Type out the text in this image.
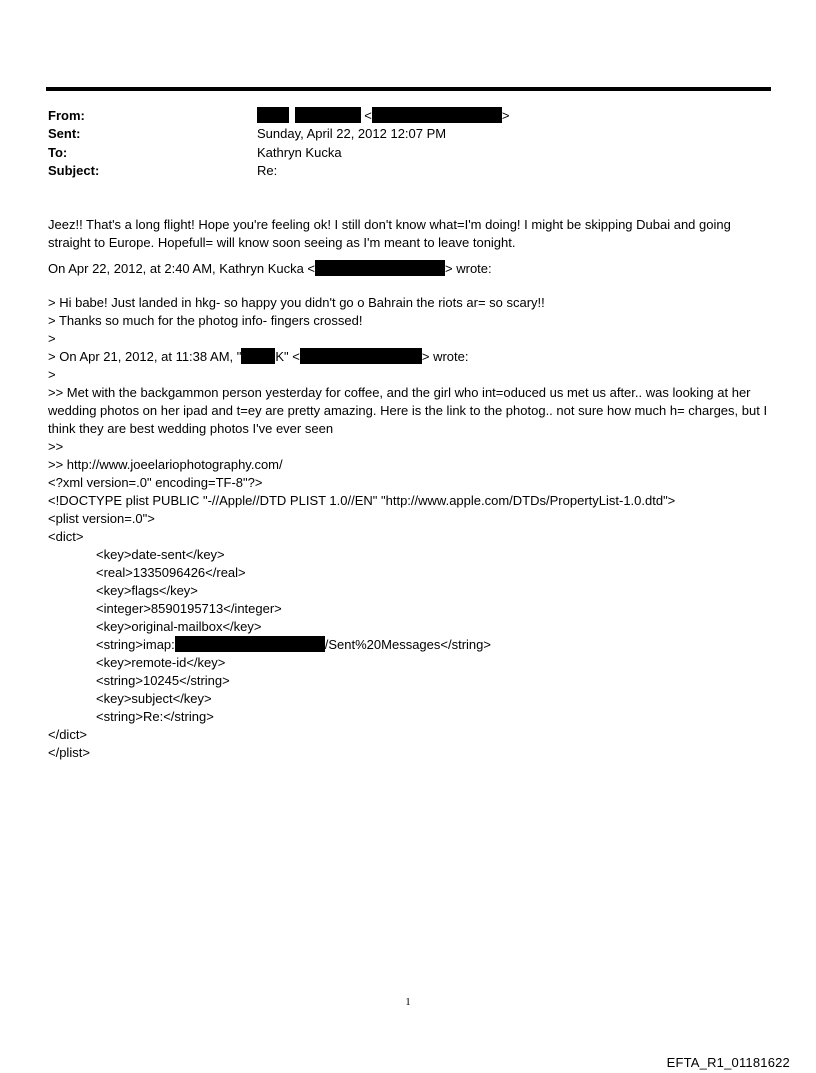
From:	<	>
Sent:	Sunday, April 22, 2012 12:07 PM
To:	Kathryn Kucka
Subject:	Re:
Jeez!! That's a long flight! Hope you're feeling ok! I still don't know what=I'm doing! I might be skipping Dubai and going straight to Europe. Hopefull= will know soon seeing as I'm meant to leave tonight.
On Apr 22, 2012, at 2:40 AM, Kathryn Kucka <	> wrote:
> Hi babe! Just landed in hkg- so happy you didn't go o Bahrain the riots ar= so scary!!
> Thanks so much for the photog info- fingers crossed!
>
> On Apr 21, 2012, at 11:38 AM, "	K" <	> wrote:
>
>> Met with the backgammon person yesterday for coffee, and the girl who int=oduced us met us after.. was looking at her wedding photos on her ipad and t=ey are pretty amazing. Here is the link to the photog.. not sure how much h= charges, but I think they are best wedding photos I've ever seen
>>
>> http://www.joeelariophotography.com/
<?xml version=.0" encoding=TF-8"?>
<!DOCTYPE plist PUBLIC "-//Apple//DTD PLIST 1.0//EN" "http://www.apple.com/DTDs/PropertyList-1.0.dtd">
<plist version=.0">
<dict>
<key>date-sent</key>
<real>1335096426</real>
<key>flags</key>
<integer>8590195713</integer>
<key>original-mailbox</key>
<string>imap:	/Sent%20Messages</string>
<key>remote-id</key>
<string>10245</string>
<key>subject</key>
<string>Re:</string>
</dict>
</plist>
1
EFTA_R1_01181622
